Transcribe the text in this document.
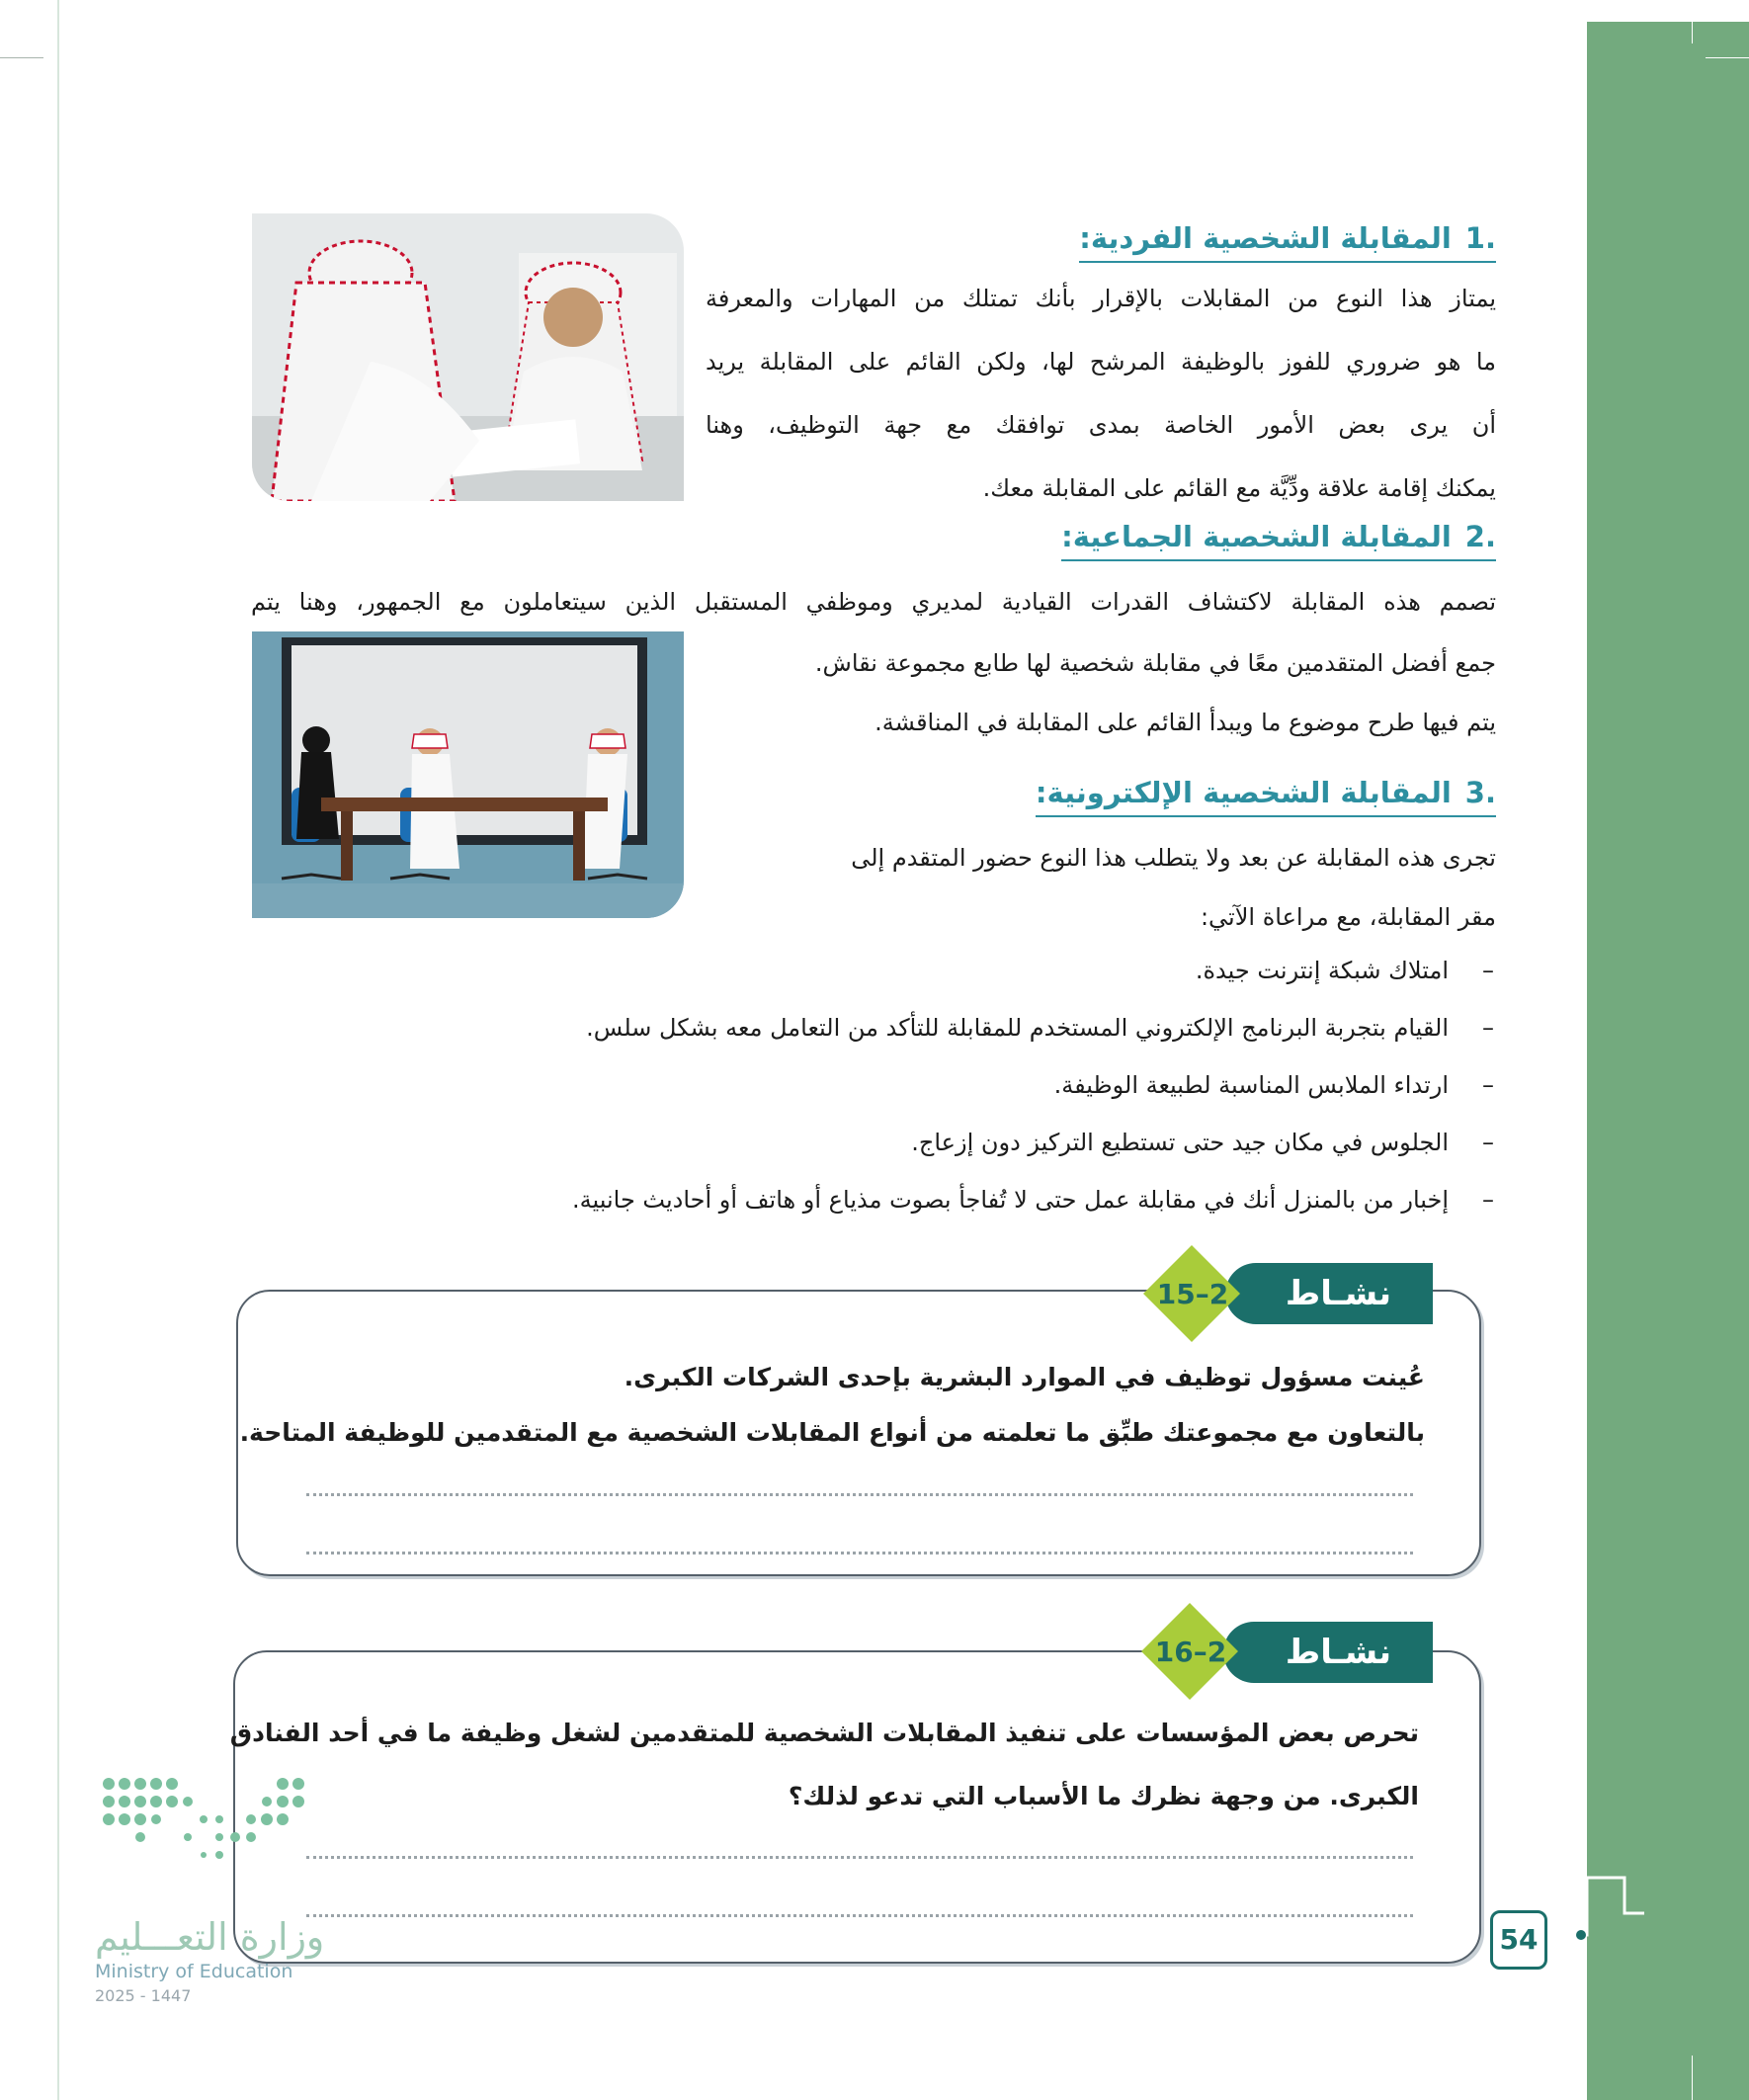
.1المقابلة الشخصية الفردية:

يمتاز هذا النوع من المقابلات بالإقرار بأنك تمتلك من المهارات والمعرفة

ما هو ضروري للفوز بالوظيفة المرشح لها، ولكن القائم على المقابلة يريد

أن يرى بعض الأمور الخاصة بمدى توافقك مع جهة التوظيف، وهنا

يمكنك إقامة علاقة ودِّيَّة مع القائم على المقابلة معك.

.2المقابلة الشخصية الجماعية:

تصمم هذه المقابلة لاكتشاف القدرات القيادية لمديري وموظفي المستقبل الذين سيتعاملون مع الجمهور، وهنا يتم

جمع أفضل المتقدمين معًا في مقابلة شخصية لها طابع مجموعة نقاش.

يتم فيها طرح موضوع ما ويبدأ القائم على المقابلة في المناقشة.

.3المقابلة الشخصية الإلكترونية:

تجرى هذه المقابلة عن بعد ولا يتطلب هذا النوع حضور المتقدم إلى

مقر المقابلة، مع مراعاة الآتي:

–امتلاك شبكة إنترنت جيدة.
–القيام بتجربة البرنامج الإلكتروني المستخدم للمقابلة للتأكد من التعامل معه بشكل سلس.
–ارتداء الملابس المناسبة لطبيعة الوظيفة.
–الجلوس في مكان جيد حتى تستطيع التركيز دون إزعاج.
–إخبار من بالمنزل أنك في مقابلة عمل حتى لا تُفاجأ بصوت مذياع أو هاتف أو أحاديث جانبية.
نشـاط
15–2

عُينت مسؤول توظيف في الموارد البشرية بإحدى الشركات الكبرى.

بالتعاون مع مجموعتك طبِّق ما تعلمته من أنواع المقابلات الشخصية مع المتقدمين للوظيفة المتاحة.

نشـاط
16–2

تحرص بعض المؤسسات على تنفيذ المقابلات الشخصية للمتقدمين لشغل وظيفة ما في أحد الفنادق

الكبرى. من وجهة نظرك ما الأسباب التي تدعو لذلك؟

54
وزارة التعـــليم
Ministry of Education
2025 - 1447
